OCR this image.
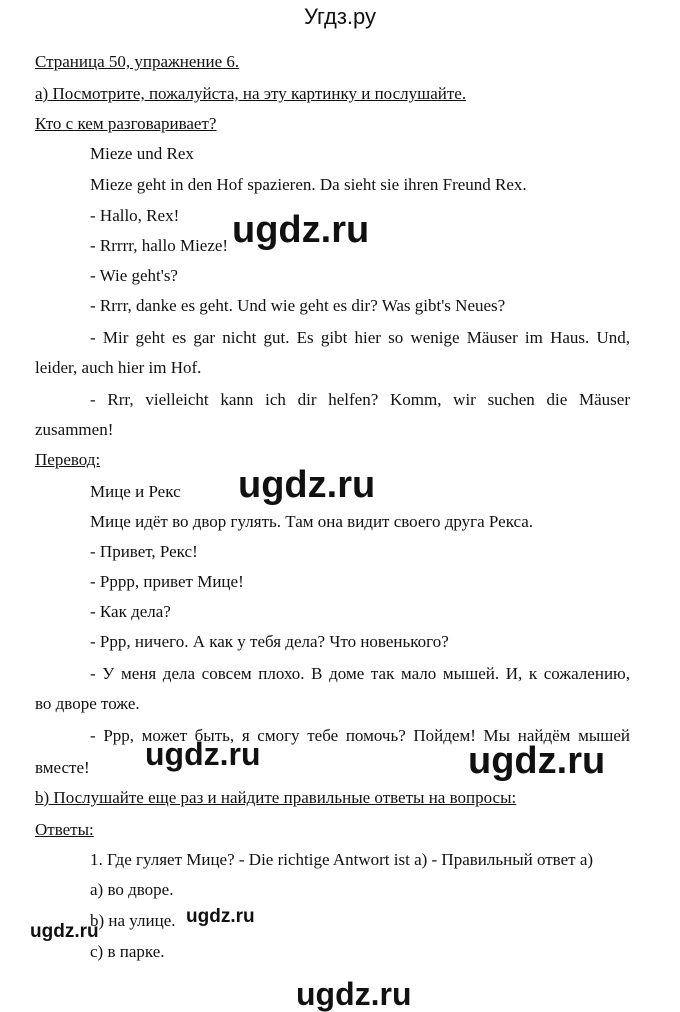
Угдз.ру
Страница 50, упражнение 6.
а) Посмотрите, пожалуйста, на эту картинку и послушайте.
Кто с кем разговаривает?
Mieze und Rex
Mieze geht in den Hof spazieren. Da sieht sie ihren Freund Rex.
- Hallo, Rex!
- Rrrrr, hallo Mieze!
- Wie geht's?
- Rrrr, danke es geht. Und wie geht es dir? Was gibt's Neues?
- Mir geht es gar nicht gut. Es gibt hier so wenige Mäuser im Haus. Und,
leider, auch hier im Hof.
- Rrr, vielleicht kann ich dir helfen? Komm, wir suchen die Mäuser
zusammen!
Перевод:
Мице и Рекс
Мице идёт во двор гулять. Там она видит своего друга Рекса.
- Привет, Рекс!
- Рррр, привет Мице!
- Как дела?
- Ррр, ничего. А как у тебя дела? Что новенького?
- У меня дела совсем плохо. В доме так мало мышей. И, к сожалению,
во дворе тоже.
- Ррр, может быть, я смогу тебе помочь? Пойдем! Мы найдём мышей
вместе!
b) Послушайте еще раз и найдите правильные ответы на вопросы:
Ответы:
1. Где гуляет Мице? - Die richtige Antwort ist a) - Правильный ответ а)
а) во дворе.
b) на улице.
с) в парке.
ugdz.ru
ugdz.ru
ugdz.ru	ugdz.ru
ugdz.ru
ugdz.ru
ugdz.ru
